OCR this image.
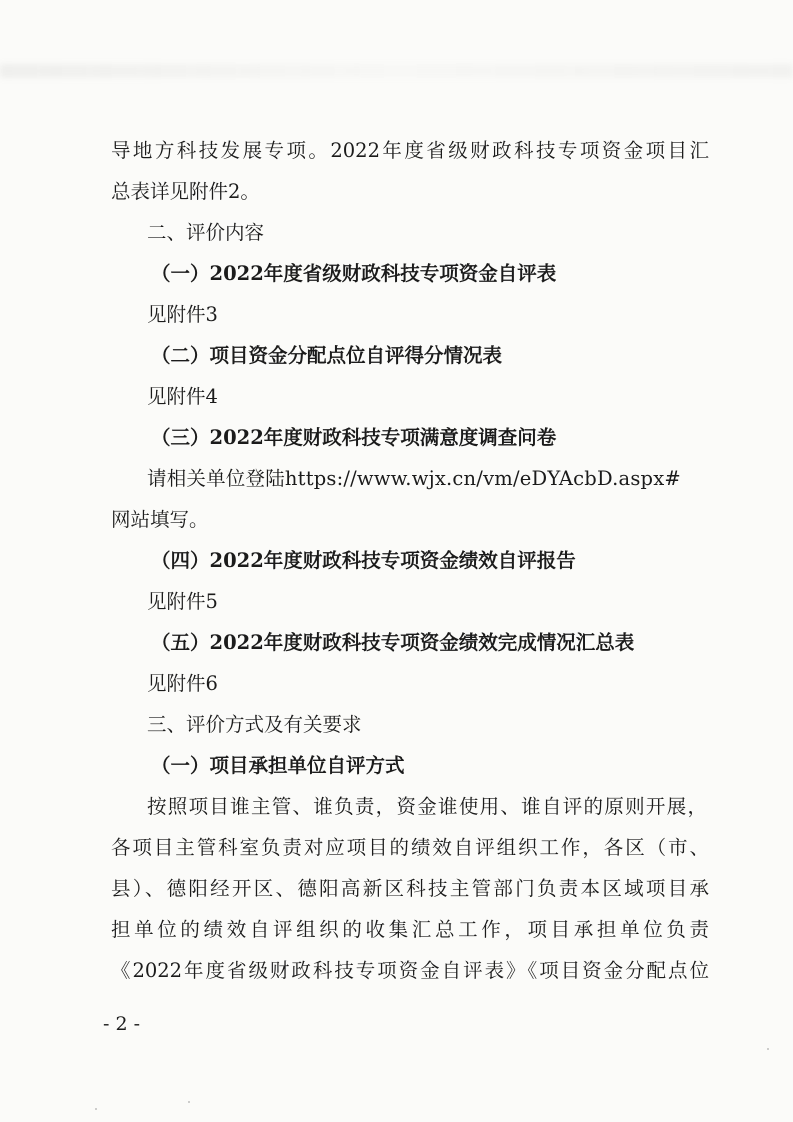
导地方科技发展专项。2022年度省级财政科技专项资金项目汇
总表详见附件2。
二、评价内容
（一）2022年度省级财政科技专项资金自评表
见附件3
（二）项目资金分配点位自评得分情况表
见附件4
（三）2022年度财政科技专项满意度调查问卷
请相关单位登陆https://www.wjx.cn/vm/eDYAcbD.aspx#
网站填写。
（四）2022年度财政科技专项资金绩效自评报告
见附件5
（五）2022年度财政科技专项资金绩效完成情况汇总表
见附件6
三、评价方式及有关要求
（一）项目承担单位自评方式
按照项目谁主管、谁负责，资金谁使用、谁自评的原则开展，
各项目主管科室负责对应项目的绩效自评组织工作，各区（市、
县）、德阳经开区、德阳高新区科技主管部门负责本区域项目承
担单位的绩效自评组织的收集汇总工作，项目承担单位负责
《2022年度省级财政科技专项资金自评表》《项目资金分配点位
- 2 -
